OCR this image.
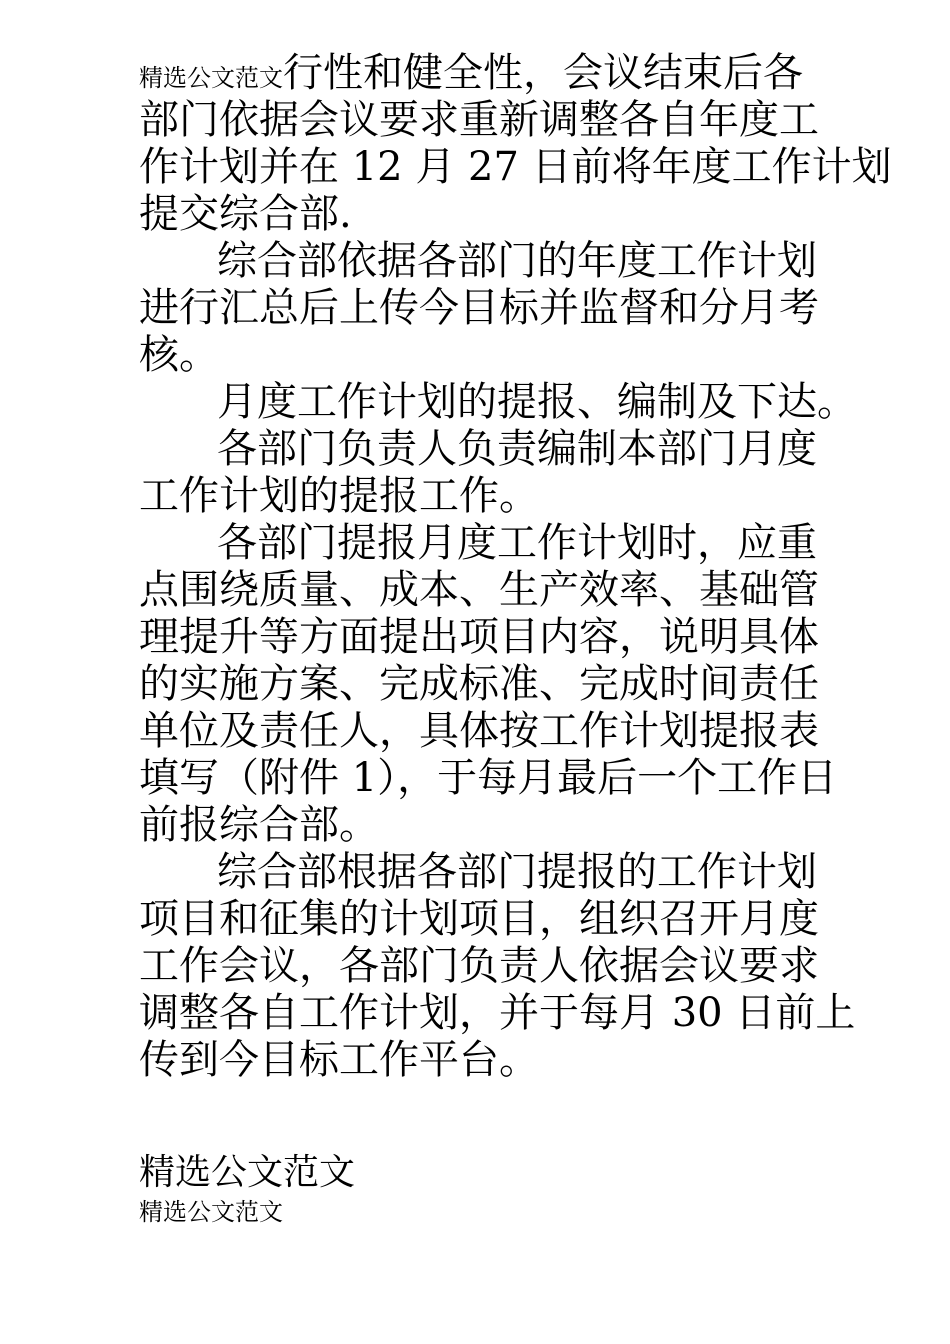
精选公文范文行性和健全性，会议结束后各
部门依据会议要求重新调整各自年度工
作计划并在 12 月 27 日前将年度工作计划
提交综合部.
综合部依据各部门的年度工作计划
进行汇总后上传今目标并监督和分月考
核。
月度工作计划的提报、编制及下达。
各部门负责人负责编制本部门月度
工作计划的提报工作。
各部门提报月度工作计划时，应重
点围绕质量、成本、生产效率、基础管
理提升等方面提出项目内容，说明具体
的实施方案、完成标准、完成时间责任
单位及责任人，具体按工作计划提报表
填写（附件 1），于每月最后一个工作日
前报综合部。
综合部根据各部门提报的工作计划
项目和征集的计划项目，组织召开月度
工作会议，各部门负责人依据会议要求
调整各自工作计划，并于每月 30 日前上
传到今目标工作平台。
精选公文范文
精选公文范文
